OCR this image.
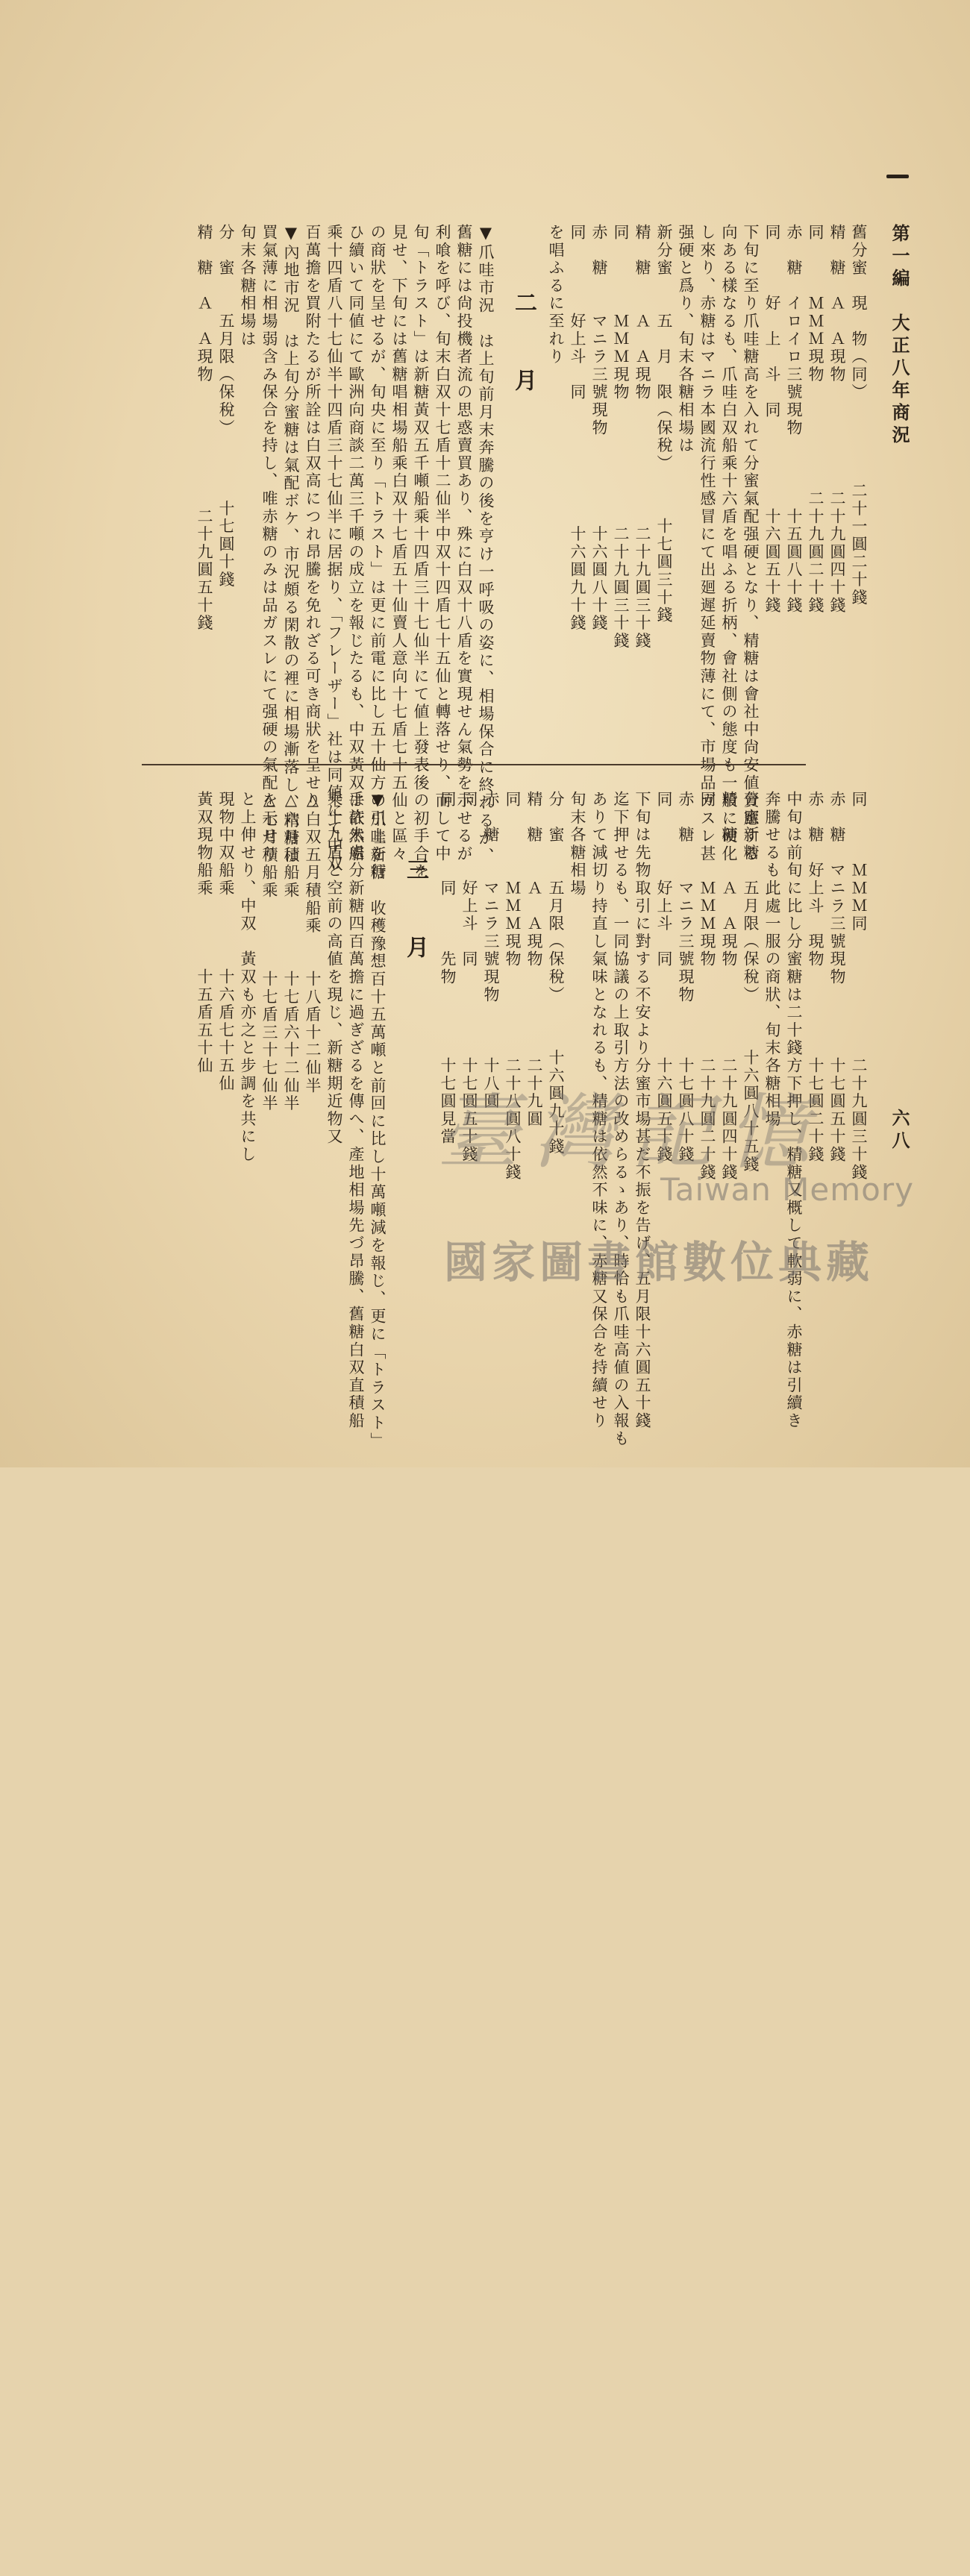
第一編　大正八年商況
六八
舊分蜜　現　物（同）　　　　　二十一圓二十錢
精　糖　Ａ　Ａ現物　　　　　　二十九圓四十錢
同　　　ＭＭＭ現物　　　　　　二十九圓二十錢
赤　糖　イロイロ三號現物　　　　十五圓八十錢
同　　　好　上　斗　同　　　　　十六圓五十錢
下旬に至り爪哇糖高を入れて分蜜氣配强硬となり、精糖は會社中尙安値賣應する
向ある樣なるも、爪哇白双船乘十六盾を唱ふる折柄、會社側の態度も一般に硬化
し來り、赤糖はマニラ本國流行性感冒にて出廻遲延賣物薄にて、市場品ガスレ甚
强硬と爲り、旬末各糖相場は
新分蜜　　五　月　限（保稅）　　　十七圓三十錢
精　糖　　Ａ　Ａ現物　　　　　　　二十九圓三十錢
同　　　　ＭＭＭ現物　　　　　　　二十九圓三十錢
赤　糖　　マニラ三號現物　　　　　十六圓八十錢
同　　　　好上斗　同　　　　　　　十六圓九十錢
を唱ふるに至れり
二　月
▼爪哇市況　は上旬前月末奔騰の後を亨け一呼吸の姿に、相場保合に終れるが、
舊糖には尙投機者流の思惑賣買あり、殊に白双十八盾を實現せん氣勢を示せるが
利喰を呼び、旬末白双十七盾十二仙半中双十四盾七十五仙と轉落せり、而して中
旬「トラスト」は新糖黃双五千噸船乘十四盾三十七仙半にて値上發表後の初手合を
見せ、下旬には舊糖唱相場船乘白双十七盾五十仙賣人意向十七盾七十五仙と區々
の商狀を呈せるが、旬央に至り「トラスト」は更に前電に比し五十仙方の引上を行
ひ續いて同値にて歐洲向商談二萬三千噸の成立を報じたるも、中双黃双は依然船
乘十四盾八十七仙半十四盾三十七仙半に居据り、「フレーザー」社は同値にて中双
百萬擔を買附たるが所詮は白双高につれ昂騰を免れざる可き商狀を呈せり
▼內地市況　は上旬分蜜糖は氣配ボケ、市況頗る閑散の裡に相場漸落し、精糖は
買氣薄に相場弱含み保合を持し、唯赤糖のみは品ガスレにて强硬の氣配を示せり
旬末各糖相場は
分　蜜　　五月限（保稅）　　　　十七圓十錢
精　糖　Ａ　Ａ現物　　　　　　　二十九圓五十錢
同　　　ＭＭＭ同　　　　　　　二十九圓三十錢
赤　糖　マニラ三號現物　　　　十七圓五十錢
赤　糖　好上斗　現物　　　　　十七圓二十錢
中旬は前旬に比し分蜜糖は二十錢方下押し、精糖又概して軟弱に、赤糖は引續き
奔騰せるも此處一服の商狀、旬末各糖相場
分蜜新糖　五月限（保稅）　　　十六圓八十五錢
精　糖　　Ａ　Ａ現物　　　　　二十九圓四十錢
同　　　　ＭＭＭ現物　　　　　二十九圓二十錢
赤　糖　　マニラ三號現物　　　十七圓八十錢
同　　　　好上斗　同　　　　　十六圓五十錢
下旬は先物取引に對する不安より分蜜市場甚だ不振を告げ、五月限十六圓五十錢
迄下押せるも、一同協議の上取引方法の改めらるゝあり、時恰も爪哇高値の入報も
ありて減切り持直し氣味となれるも、精糖は依然不味に、赤糖又保合を持續せり
旬末各糖相場
分　蜜　　五月限（保稅）　　　十六圓九十錢
精　糖　　Ａ　Ａ現物　　　　　二十九圓
同　　　　ＭＭＭ現物　　　　　二十八圓八十錢
赤　糖　　マニラ三號現物　　　十八圓
同　　　　好上斗　同　　　　　十七圓五十錢
同　　　　同　　　先物　　　　十七圓見當
三　月
▼爪哇新糖　收穫豫想百十五萬噸と前回に比し十萬噸減を報じ、更に「トラスト」
手許未處分新糖四百萬擔に過ぎざるを傳へ、產地相場先づ昂騰、舊糖白双直積船
乘十九盾と空前の高値を現じ、新糖期近物又
△白双五月積船乘　　十八盾十二仙半
△六月積船乘　　　　十七盾六十二仙半
△七月積船乘　　　　十七盾三十七仙半
と上伸せり、中双　黃双も亦之と步調を共にし
現物中双船乘　　　　十六盾七十五仙
黃双現物船乘　　　　十五盾五十仙
臺灣記憶
Taiwan Memory
國家圖書館數位典藏
